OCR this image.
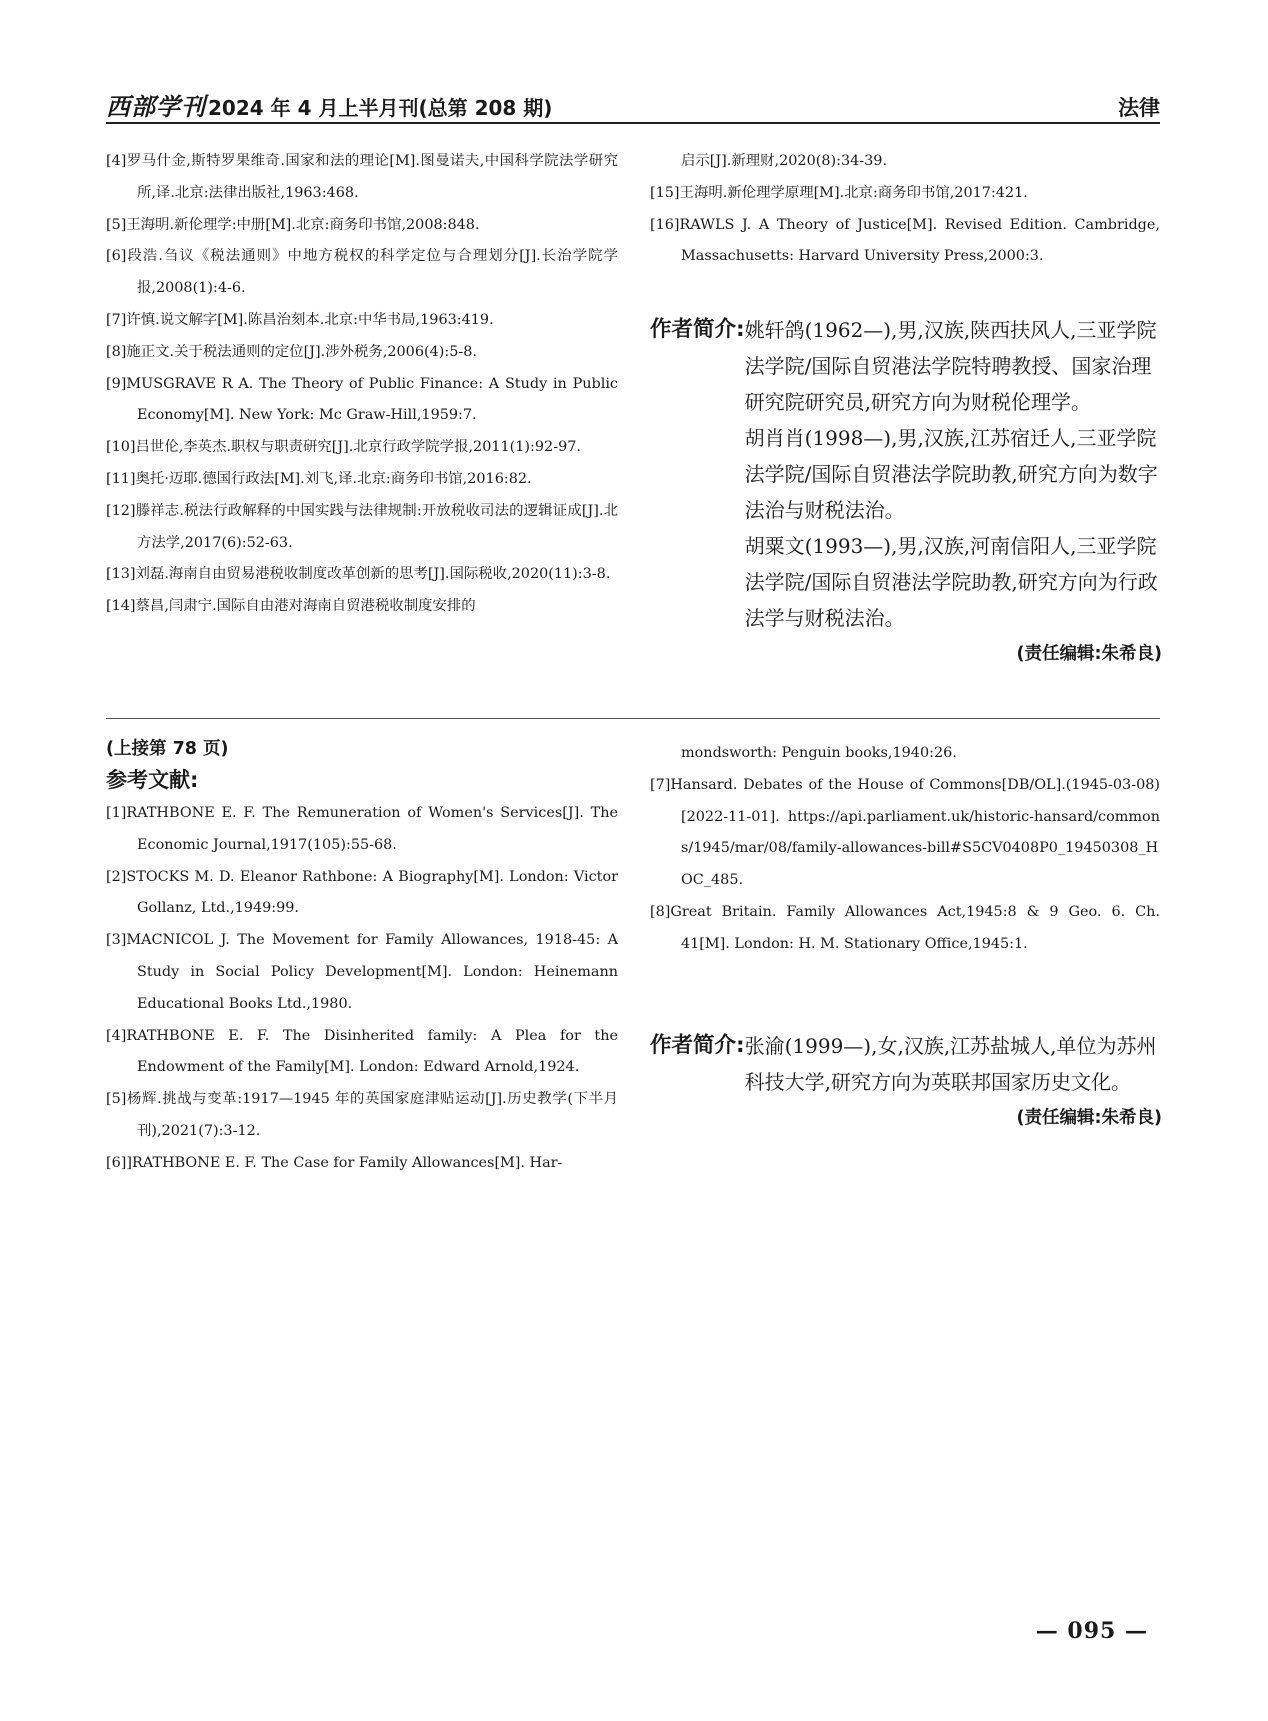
西部学刊 2024 年 4 月上半月刊(总第 208 期)	法律
[4]罗马什金,斯特罗果维奇.国家和法的理论[M].图曼诺夫,中国科学院法学研究所,译.北京:法律出版社,1963:468.
[5]王海明.新伦理学:中册[M].北京:商务印书馆,2008:848.
[6]段浩.刍议《税法通则》中地方税权的科学定位与合理划分[J].长治学院学报,2008(1):4-6.
[7]许慎.说文解字[M].陈昌治刻本.北京:中华书局,1963:419.
[8]施正文.关于税法通则的定位[J].涉外税务,2006(4):5-8.
[9]MUSGRAVE R A. The Theory of Public Finance: A Study in Public Economy[M]. New York: Mc Graw-Hill,1959:7.
[10]吕世伦,李英杰.职权与职责研究[J].北京行政学院学报,2011(1):92-97.
[11]奥托·迈耶.德国行政法[M].刘飞,译.北京:商务印书馆,2016:82.
[12]滕祥志.税法行政解释的中国实践与法律规制:开放税收司法的逻辑证成[J].北方法学,2017(6):52-63.
[13]刘磊.海南自由贸易港税收制度改革创新的思考[J].国际税收,2020(11):3-8.
[14]蔡昌,闫肃宁.国际自由港对海南自贸港税收制度安排的
启示[J].新理财,2020(8):34-39.
[15]王海明.新伦理学原理[M].北京:商务印书馆,2017:421.
[16]RAWLS J. A Theory of Justice[M]. Revised Edition. Cambridge, Massachusetts: Harvard University Press,2000:3.
作者简介: 姚轩鸽(1962—),男,汉族,陕西扶风人,三亚学院法学院/国际自贸港法学院特聘教授、国家治理研究院研究员,研究方向为财税伦理学。

胡肖肖(1998—),男,汉族,江苏宿迁人,三亚学院法学院/国际自贸港法学院助教,研究方向为数字法治与财税法治。

胡粟文(1993—),男,汉族,河南信阳人,三亚学院法学院/国际自贸港法学院助教,研究方向为行政法学与财税法治。

(责任编辑:朱希良)
(上接第 78 页)
参考文献:
[1]RATHBONE E. F. The Remuneration of Women's Services[J]. The Economic Journal,1917(105):55-68.
[2]STOCKS M. D. Eleanor Rathbone: A Biography[M]. London: Victor Gollanz, Ltd.,1949:99.
[3]MACNICOL J. The Movement for Family Allowances, 1918-45: A Study in Social Policy Development[M]. London: Heinemann Educational Books Ltd.,1980.
[4]RATHBONE E. F. The Disinherited family: A Plea for the Endowment of the Family[M]. London: Edward Arnold,1924.
[5]杨辉.挑战与变革:1917—1945 年的英国家庭津贴运动[J].历史教学(下半月刊),2021(7):3-12.
[6]]RATHBONE E. F. The Case for Family Allowances[M]. Har-
mondsworth: Penguin books,1940:26.
[7]Hansard. Debates of the House of Commons[DB/OL].(1945-03-08)[2022-11-01]. https://api.parliament.uk/historic-hansard/commons/1945/mar/08/family-allowances-bill#S5CV0408P0_19450308_HOC_485.
[8]Great Britain. Family Allowances Act,1945:8 & 9 Geo. 6. Ch. 41[M]. London: H. M. Stationary Office,1945:1.
作者简介: 张渝(1999—),女,汉族,江苏盐城人,单位为苏州科技大学,研究方向为英联邦国家历史文化。

(责任编辑:朱希良)
— 095 —
